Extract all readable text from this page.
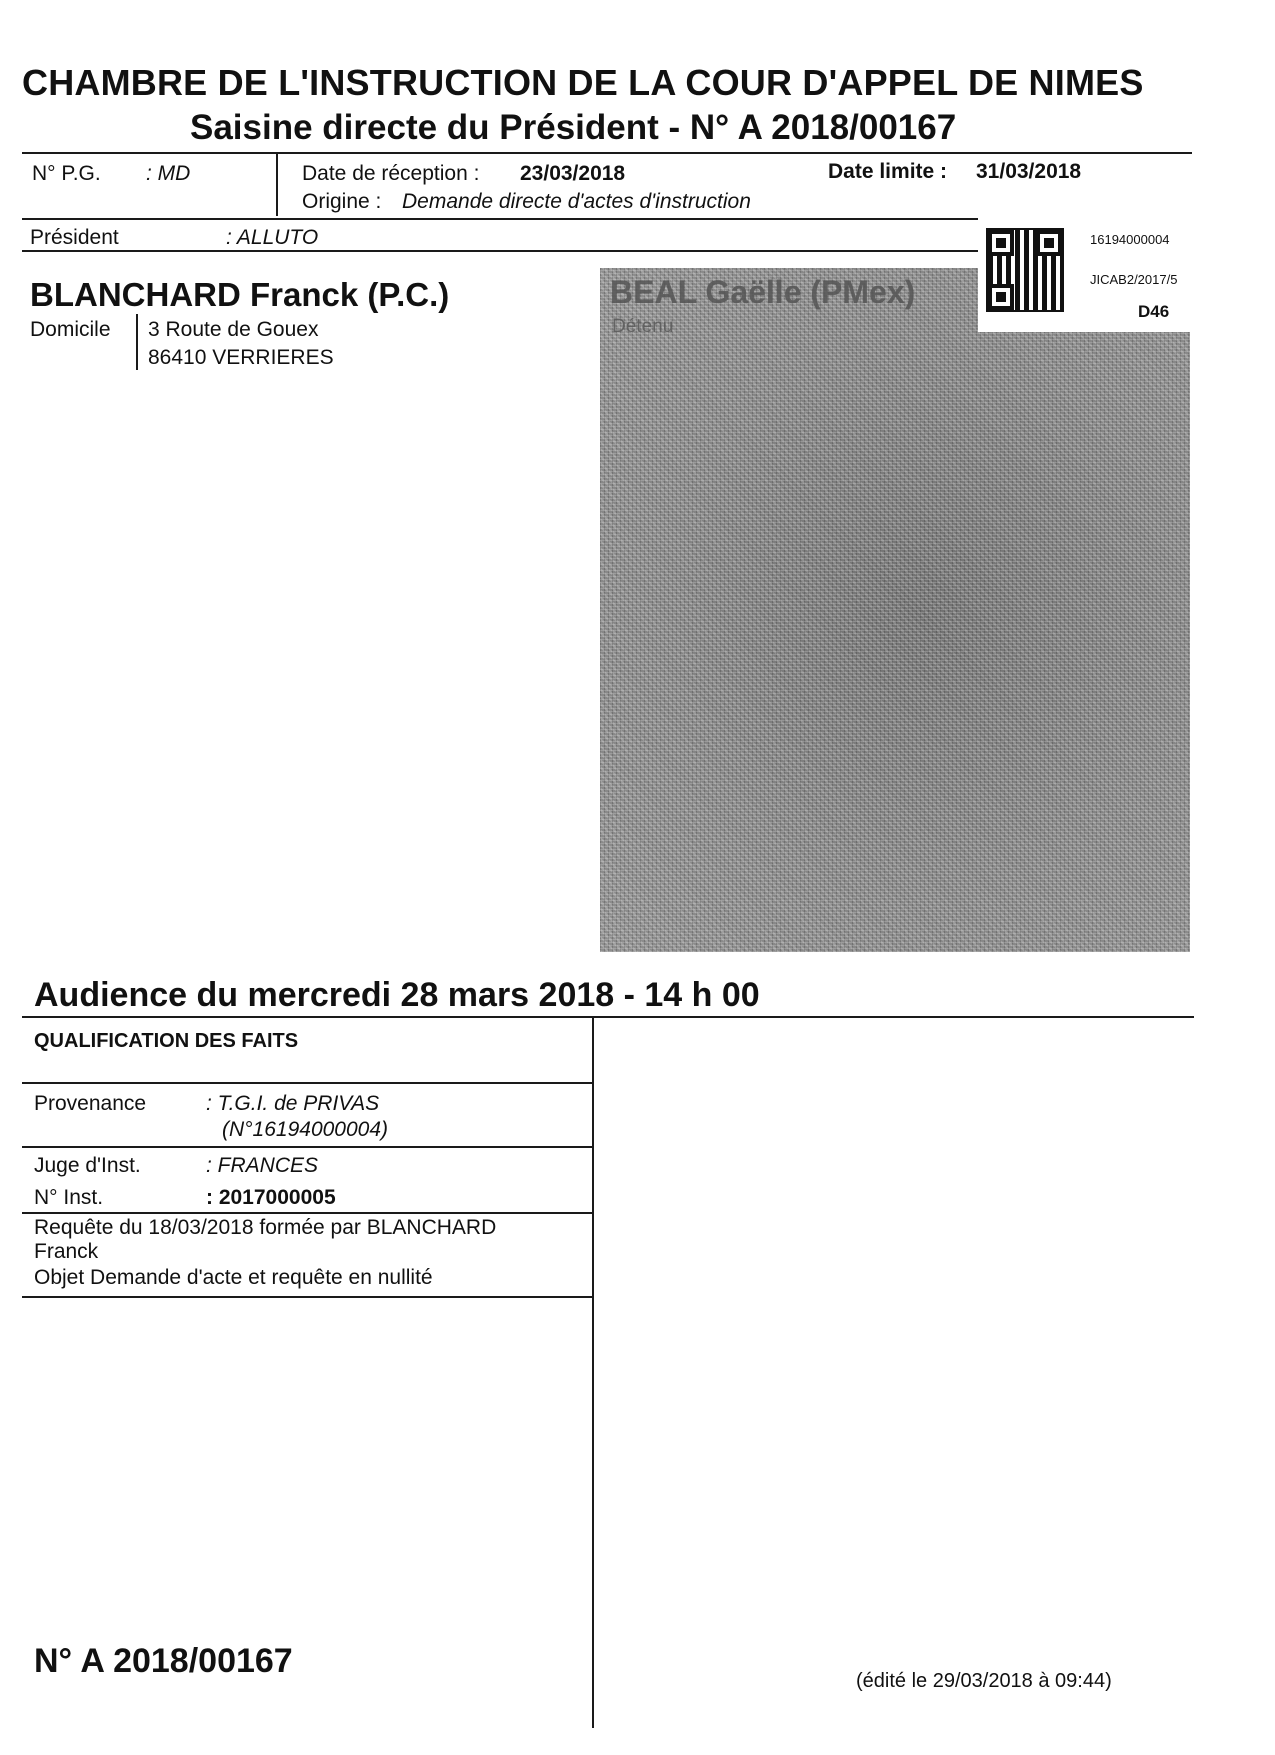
CHAMBRE DE L'INSTRUCTION DE LA COUR D'APPEL DE NIMES
Saisine directe du Président - N° A 2018/00167
N° P.G. : MD	Date de réception : 23/03/2018	Date limite : 31/03/2018
Origine : Demande directe d'actes d'instruction
Président	: ALLUTO
BLANCHARD Franck (P.C.)
Domicile 3 Route de Gouex
86410 VERRIERES
BEAL Gaëlle (PMex)
Détenu
16194000004
JICAB2/2017/5
D46
Audience du mercredi 28 mars 2018 - 14 h 00
QUALIFICATION DES FAITS
Provenance	: T.G.I. de PRIVAS
(N°16194000004)
Juge d'Inst.	: FRANCES
N° Inst.	: 2017000005
Requête du 18/03/2018 formée par BLANCHARD
Franck
Objet Demande d'acte et requête en nullité
N° A 2018/00167
(édité le 29/03/2018 à 09:44)
